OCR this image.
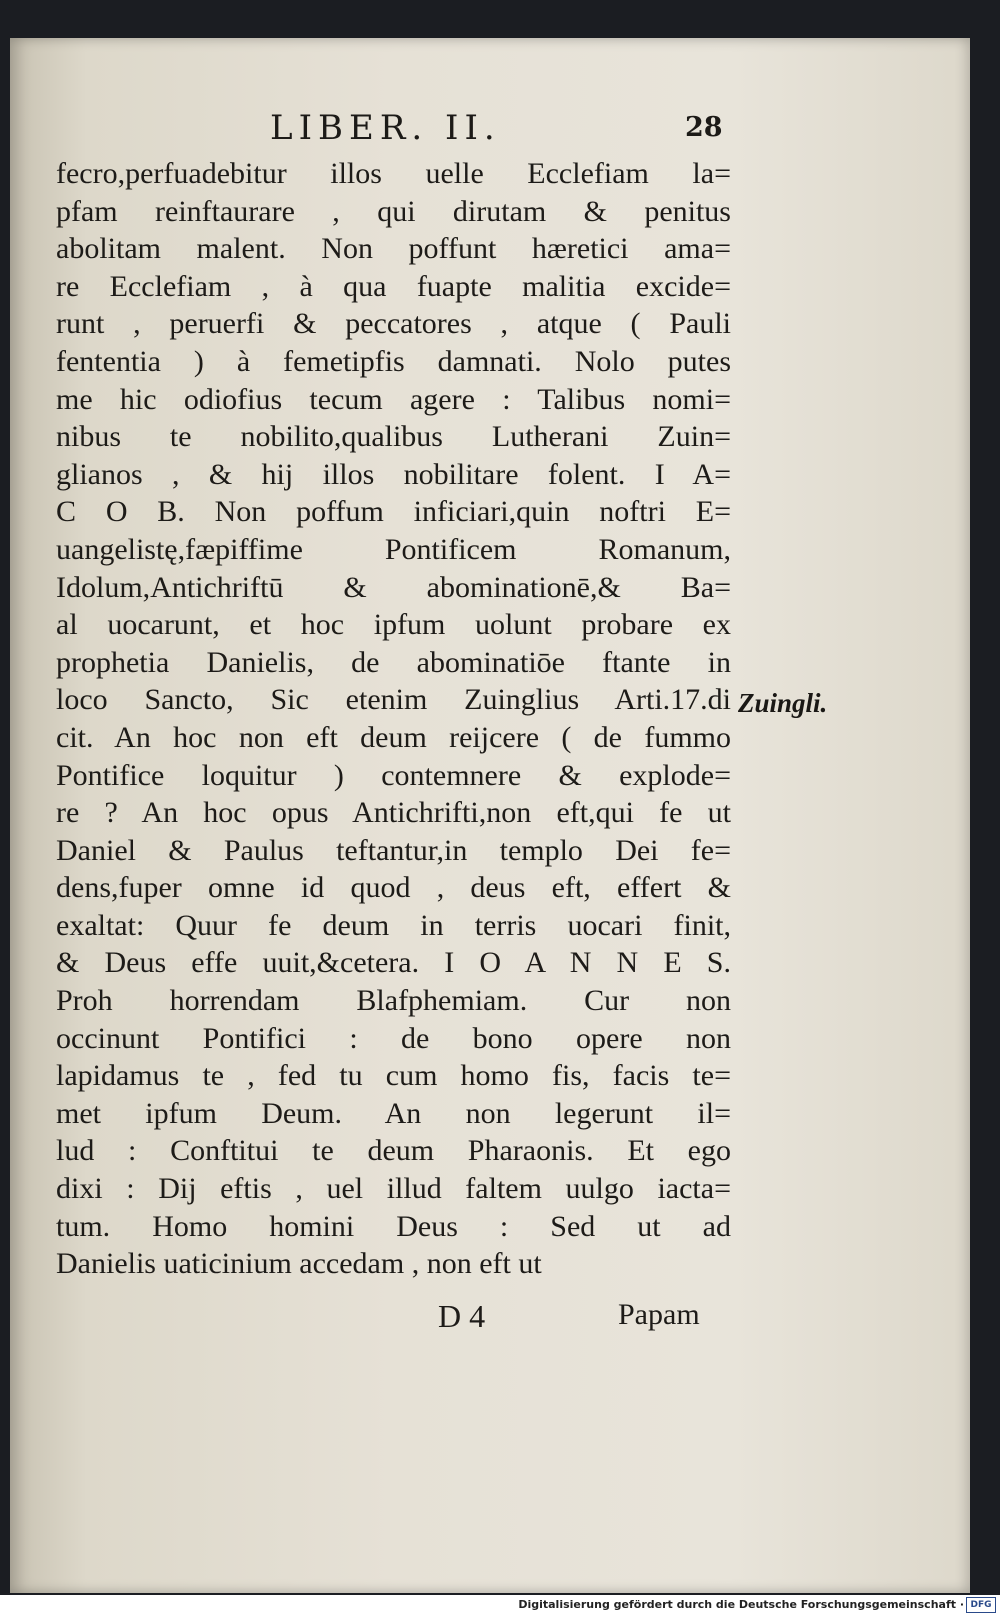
LIBER. II.	28
fecro,perfuadebitur illos uelle Ecclefiam la=
pfam reinftaurare , qui dirutam & penitus
abolitam malent. Non poffunt hæretici ama=
re Ecclefiam , à qua fuapte malitia excide=
runt , peruerfi & peccatores , atque ( Pauli
fententia ) à femetipfis damnati. Nolo putes
me hic odiofius tecum agere : Talibus nomi=
nibus te nobilito,qualibus Lutherani Zuin=
glianos , & hij illos nobilitare folent. I A=
C O B. Non poffum inficiari,quin noftri E=
uangelistę,fæpiffime Pontificem Romanum,
Idolum,Antichriftū & abominationē,& Ba=
al uocarunt, et hoc ipfum uolunt probare ex
prophetia Danielis, de abominatiōe ftante in
loco Sancto, Sic etenim Zuinglius Arti.17.di
cit. An hoc non eft deum reijcere ( de fummo
Pontifice loquitur ) contemnere & explode=
re ? An hoc opus Antichrifti,non eft,qui fe ut
Daniel & Paulus teftantur,in templo Dei fe=
dens,fuper omne id quod , deus eft, effert &
exaltat: Quur fe deum in terris uocari finit,
& Deus effe uuit,&cetera. I O A N N E S.
Proh horrendam Blafphemiam. Cur non
occinunt Pontifici : de bono opere non
lapidamus te , fed tu cum homo fis, facis te=
met ipfum Deum. An non legerunt il=
lud : Conftitui te deum Pharaonis. Et ego
dixi : Dij eftis , uel illud faltem uulgo iacta=
tum. Homo homini Deus : Sed ut ad
Danielis uaticinium accedam , non eft ut
Zuingli.
D 4	Papam
Digitalisierung gefördert durch die Deutsche Forschungsgemeinschaft · DFG
